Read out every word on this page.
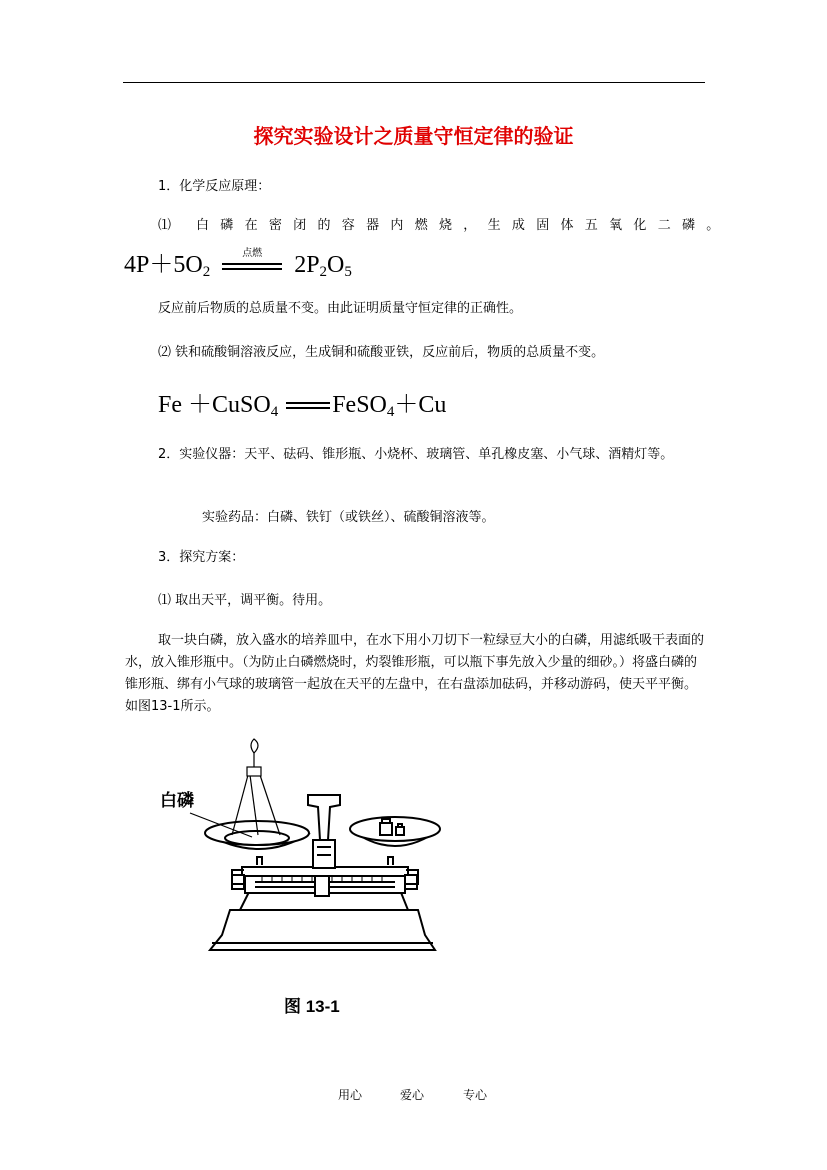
探究实验设计之质量守恒定律的验证
1．化学反应原理：
⑴ 白磷在密闭的容器内燃烧，生成固体五氧化二磷。
$4P+5O_2$
点燃	$2P_2O_5$
反应前后物质的总质量不变。由此证明质量守恒定律的正确性。
⑵ 铁和硫酸铜溶液反应，生成铜和硫酸亚铁，反应前后，物质的总质量不变。
Fe ＋CuSO$_4$ FeSO$_4$＋Cu
2．实验仪器：天平、砝码、锥形瓶、小烧杯、玻璃管、单孔橡皮塞、小气球、酒精灯等。
实验药品：白磷、铁钉（或铁丝）、硫酸铜溶液等。
3．探究方案：
⑴ 取出天平，调平衡。待用。
取一块白磷，放入盛水的培养皿中，在水下用小刀切下一粒绿豆大小的白磷，用滤纸吸干表面的水，放入锥形瓶中。（为防止白磷燃烧时，灼裂锥形瓶，可以瓶下事先放入少量的细砂。）将盛白磷的锥形瓶、绑有小气球的玻璃管一起放在天平的左盘中，在右盘添加砝码，并移动游码，使天平平衡。如图13-1所示。
白磷
图 13-1
用心	爱心	专心
